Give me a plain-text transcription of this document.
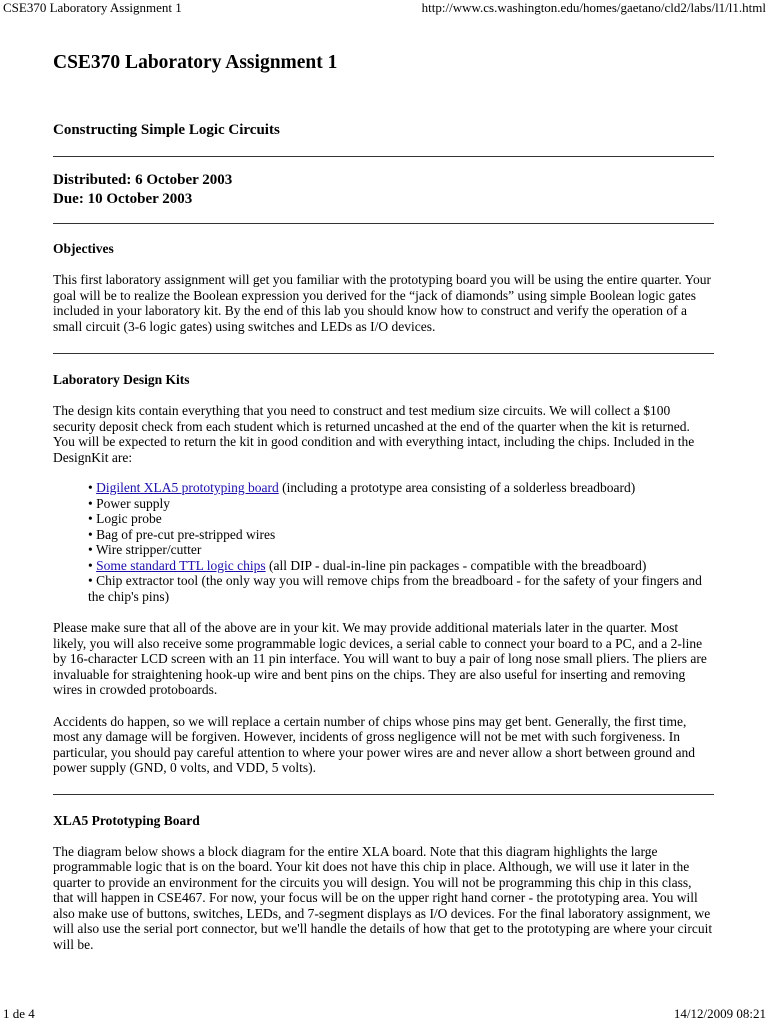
CSE370 Laboratory Assignment 1	http://www.cs.washington.edu/homes/gaetano/cld2/labs/l1/l1.html
CSE370 Laboratory Assignment 1
Constructing Simple Logic Circuits
Distributed: 6 October 2003
Due: 10 October 2003
Objectives

This first laboratory assignment will get you familiar with the prototyping board you will be using the entire quarter. Your goal will be to realize the Boolean expression you derived for the “jack of diamonds” using simple Boolean logic gates included in your laboratory kit. By the end of this lab you should know how to construct and verify the operation of a small circuit (3-6 logic gates) using switches and LEDs as I/O devices.

Laboratory Design Kits

The design kits contain everything that you need to construct and test medium size circuits. We will collect a $100 security deposit check from each student which is returned uncashed at the end of the quarter when the kit is returned. You will be expected to return the kit in good condition and with everything intact, including the chips. Included in the DesignKit are:

• Digilent XLA5 prototyping board (including a prototype area consisting of a solderless breadboard)
• Power supply
• Logic probe
• Bag of pre-cut pre-stripped wires
• Wire stripper/cutter
• Some standard TTL logic chips (all DIP - dual-in-line pin packages - compatible with the breadboard)
• Chip extractor tool (the only way you will remove chips from the breadboard - for the safety of your fingers and the chip's pins)

Please make sure that all of the above are in your kit. We may provide additional materials later in the quarter. Most likely, you will also receive some programmable logic devices, a serial cable to connect your board to a PC, and a 2-line by 16-character LCD screen with an 11 pin interface. You will want to buy a pair of long nose small pliers. The pliers are invaluable for straightening hook-up wire and bent pins on the chips. They are also useful for inserting and removing wires in crowded protoboards.

Accidents do happen, so we will replace a certain number of chips whose pins may get bent. Generally, the first time, most any damage will be forgiven. However, incidents of gross negligence will not be met with such forgiveness. In particular, you should pay careful attention to where your power wires are and never allow a short between ground and power supply (GND, 0 volts, and VDD, 5 volts).

XLA5 Prototyping Board

The diagram below shows a block diagram for the entire XLA board. Note that this diagram highlights the large programmable logic that is on the board. Your kit does not have this chip in place. Although, we will use it later in the quarter to provide an environment for the circuits you will design. You will not be programming this chip in this class, that will happen in CSE467. For now, your focus will be on the upper right hand corner - the prototyping area. You will also make use of buttons, switches, LEDs, and 7-segment displays as I/O devices. For the final laboratory assignment, we will also use the serial port connector, but we'll handle the details of how that get to the prototyping are where your circuit will be.

1 de 4	14/12/2009 08:21
